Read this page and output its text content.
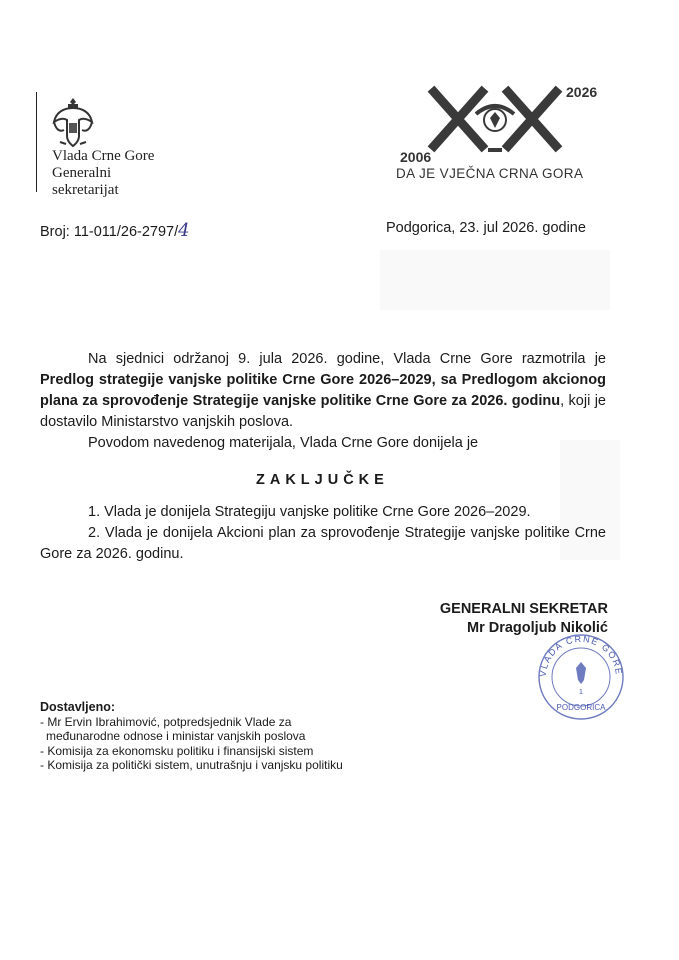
Vlada Crne Gore
Generalni
sekretarijat
2026
2006
DA JE VJEČNA CRNA GORA
Broj: 11-011/26-2797/4	Podgorica, 23. jul 2026. godine

Na sjednici održanoj 9. jula 2026. godine, Vlada Crne Gore razmotrila je Predlog strategije vanjske politike Crne Gore 2026–2029, sa Predlogom akcionog plana za sprovođenje Strategije vanjske politike Crne Gore za 2026. godinu, koji je dostavilo Ministarstvo vanjskih poslova.

Povodom navedenog materijala, Vlada Crne Gore donijela je

ZAKLJUČKE

1. Vlada je donijela Strategiju vanjske politike Crne Gore 2026–2029.

2. Vlada je donijela Akcioni plan za sprovođenje Strategije vanjske politike Crne Gore za 2026. godinu.

GENERALNI SEKRETAR
Mr Dragoljub Nikolić
VLADA CRNE GORE
1
PODGORICA
Dostavljeno:
- Mr Ervin Ibrahimović, potpredsjednik Vlade za
međunarodne odnose i ministar vanjskih poslova
- Komisija za ekonomsku politiku i finansijski sistem
- Komisija za politički sistem, unutrašnju i vanjsku politiku
